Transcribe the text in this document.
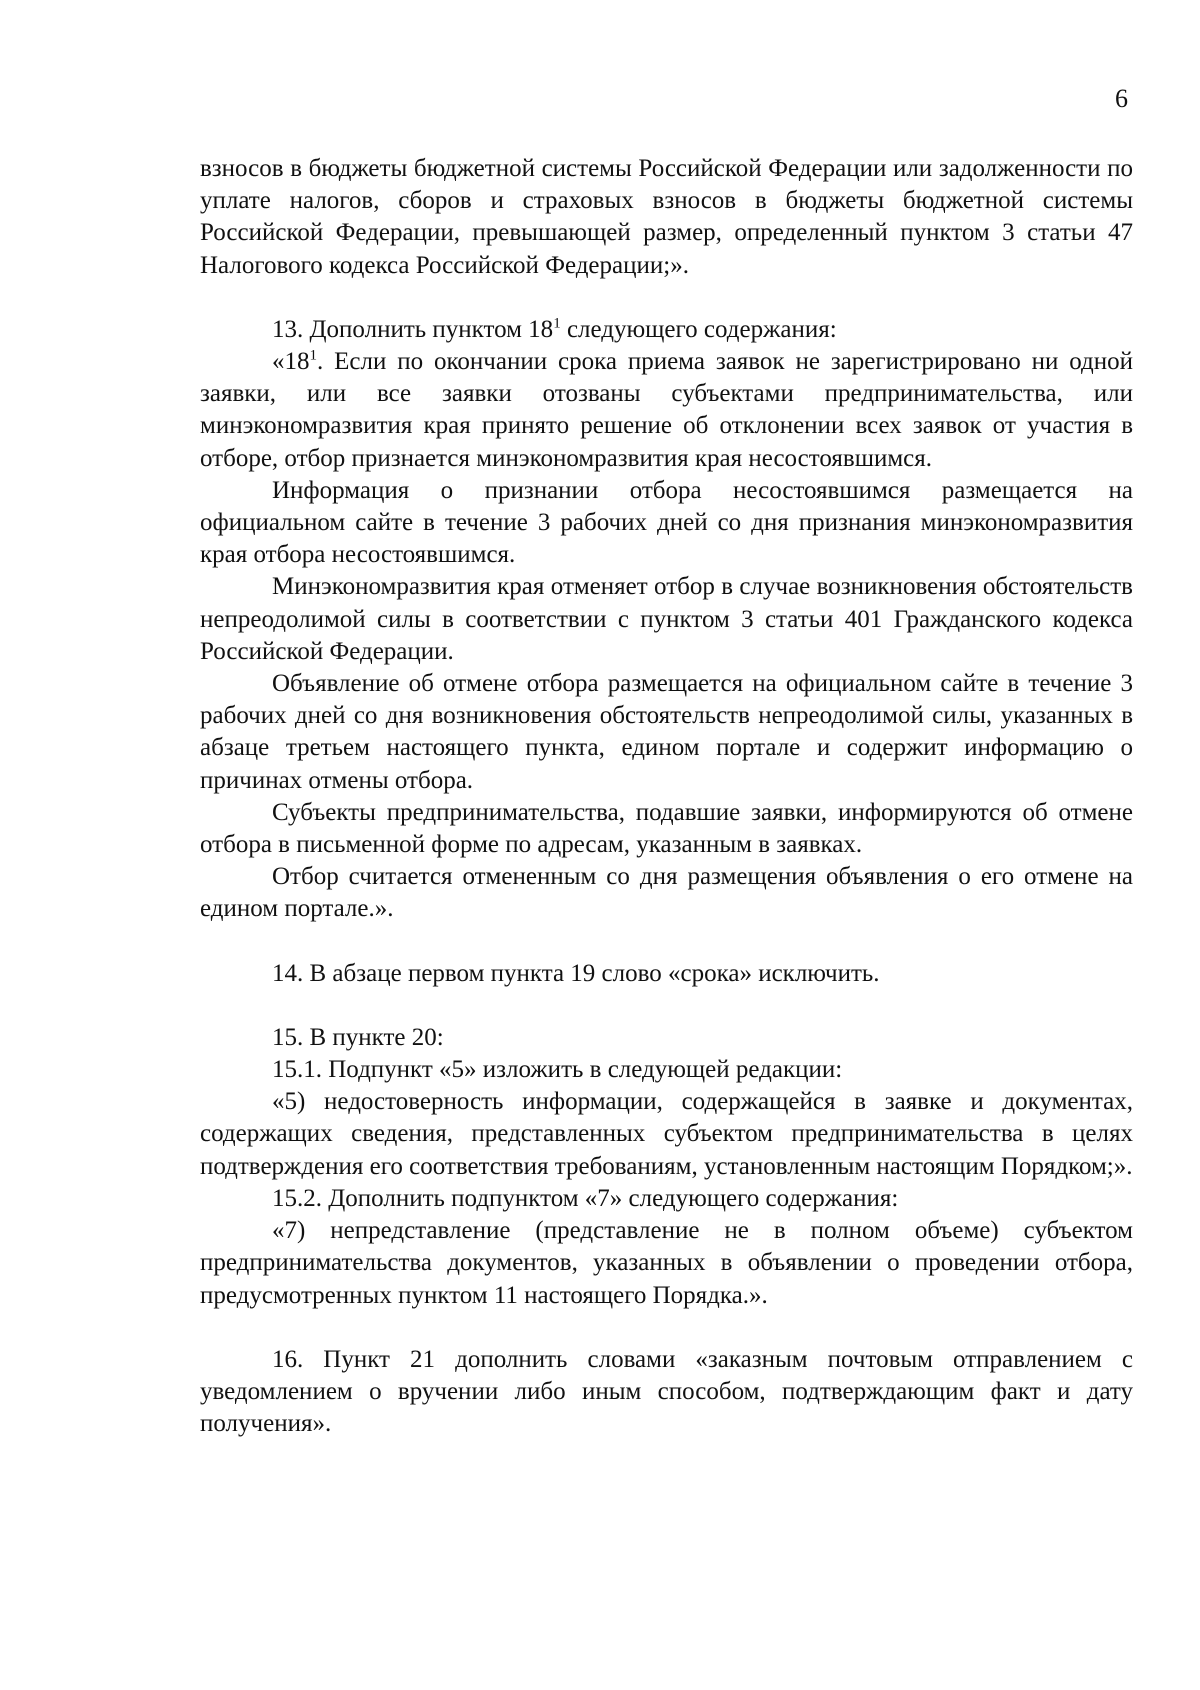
6

взносов в бюджеты бюджетной системы Российской Федерации или задолженности по уплате налогов, сборов и страховых взносов в бюджеты бюджетной системы Российской Федерации, превышающей размер, определенный пунктом 3 статьи 47 Налогового кодекса Российской Федерации;».

13. Дополнить пунктом $18^1$ следующего содержания:

«$18^1$. Если по окончании срока приема заявок не зарегистрировано ни одной заявки, или все заявки отозваны субъектами предпринимательства, или минэкономразвития края принято решение об отклонении всех заявок от участия в отборе, отбор признается минэкономразвития края несостоявшимся.

Информация о признании отбора несостоявшимся размещается на официальном сайте в течение 3 рабочих дней со дня признания минэкономразвития края отбора несостоявшимся.

Минэкономразвития края отменяет отбор в случае возникновения обстоятельств непреодолимой силы в соответствии с пунктом 3 статьи 401 Гражданского кодекса Российской Федерации.

Объявление об отмене отбора размещается на официальном сайте в течение 3 рабочих дней со дня возникновения обстоятельств непреодолимой силы, указанных в абзаце третьем настоящего пункта, едином портале и содержит информацию о причинах отмены отбора.

Субъекты предпринимательства, подавшие заявки, информируются об отмене отбора в письменной форме по адресам, указанным в заявках.

Отбор считается отмененным со дня размещения объявления о его отмене на едином портале.».

14. В абзаце первом пункта 19 слово «срока» исключить.

15. В пункте 20:

15.1. Подпункт «5» изложить в следующей редакции:

«5) недостоверность информации, содержащейся в заявке и документах, содержащих сведения, представленных субъектом предпринимательства в целях подтверждения его соответствия требованиям, установленным настоящим Порядком;».

15.2. Дополнить подпунктом «7» следующего содержания:

«7) непредставление (представление не в полном объеме) субъектом предпринимательства документов, указанных в объявлении о проведении отбора, предусмотренных пунктом 11 настоящего Порядка.».

16. Пункт 21 дополнить словами «заказным почтовым отправлением с уведомлением о вручении либо иным способом, подтверждающим факт и дату получения».
